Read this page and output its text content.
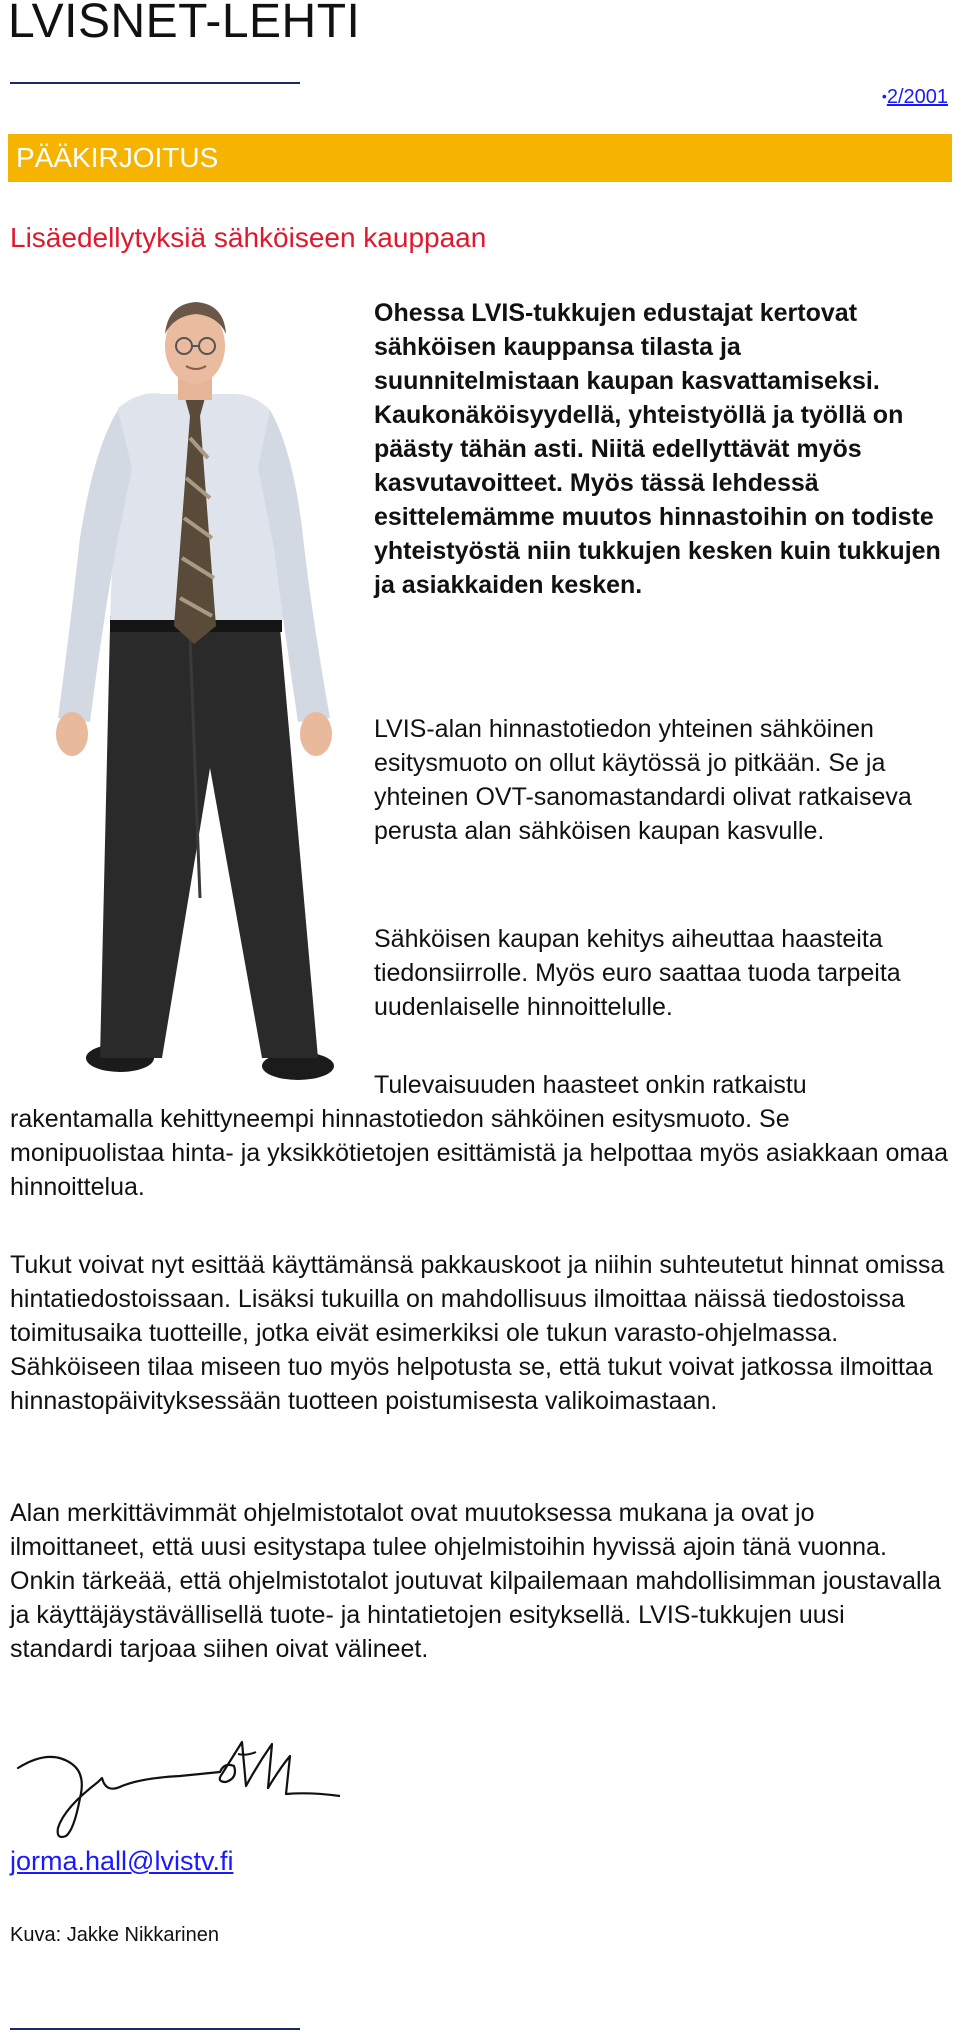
LVISNET-LEHTI
•2/2001
PÄÄKIRJOITUS
Lisäedellytyksiä sähköiseen kauppaan
Ohessa LVIS-tukkujen edustajat kertovat sähköisen kauppansa tilasta ja suunnitelmistaan kaupan kasvattamiseksi. Kaukonäköisyydellä, yhteistyöllä ja työllä on päästy tähän asti. Niitä edellyttävät myös kasvutavoitteet. Myös tässä lehdessä esittelemämme muutos hinnastoihin on todiste yhteistyöstä niin tukkujen kesken kuin tukkujen ja asiakkaiden kesken.
LVIS-alan hinnastotiedon yhteinen sähköinen esitysmuoto on ollut käytössä jo pitkään. Se ja yhteinen OVT-sanomastandardi olivat ratkaiseva perusta alan sähköisen kaupan kasvulle.
Sähköisen kaupan kehitys aiheuttaa haasteita tiedonsiirrolle. Myös euro saattaa tuoda tarpeita uudenlaiselle hinnoittelulle.
Tulevaisuuden haasteet onkin ratkaistu rakentamalla kehittyneempi hinnastotiedon sähköinen esitysmuoto. Se monipuolistaa hinta- ja yksikkötietojen esittämistä ja helpottaa myös asiakkaan omaa hinnoittelua.
Tukut voivat nyt esittää käyttämänsä pakkauskoot ja niihin suhteutetut hinnat omissa hintatiedostoissaan. Lisäksi tukuilla on mahdollisuus ilmoittaa näissä tiedostoissa toimitusaika tuotteille, jotka eivät esimerkiksi ole tukun varasto-ohjelmassa. Sähköiseen tilaa miseen tuo myös helpotusta se, että tukut voivat jatkossa ilmoittaa hinnastopäivityksessään tuotteen poistumisesta valikoimastaan.
Alan merkittävimmät ohjelmistotalot ovat muutoksessa mukana ja ovat jo ilmoittaneet, että uusi esitystapa tulee ohjelmistoihin hyvissä ajoin tänä vuonna. Onkin tärkeää, että ohjelmistotalot joutuvat kilpailemaan mahdollisimman joustavalla ja käyttäjäystävällisellä tuote- ja hintatietojen esityksellä. LVIS-tukkujen uusi standardi tarjoaa siihen oivat välineet.
jorma.hall@lvistv.fi
Kuva: Jakke Nikkarinen
